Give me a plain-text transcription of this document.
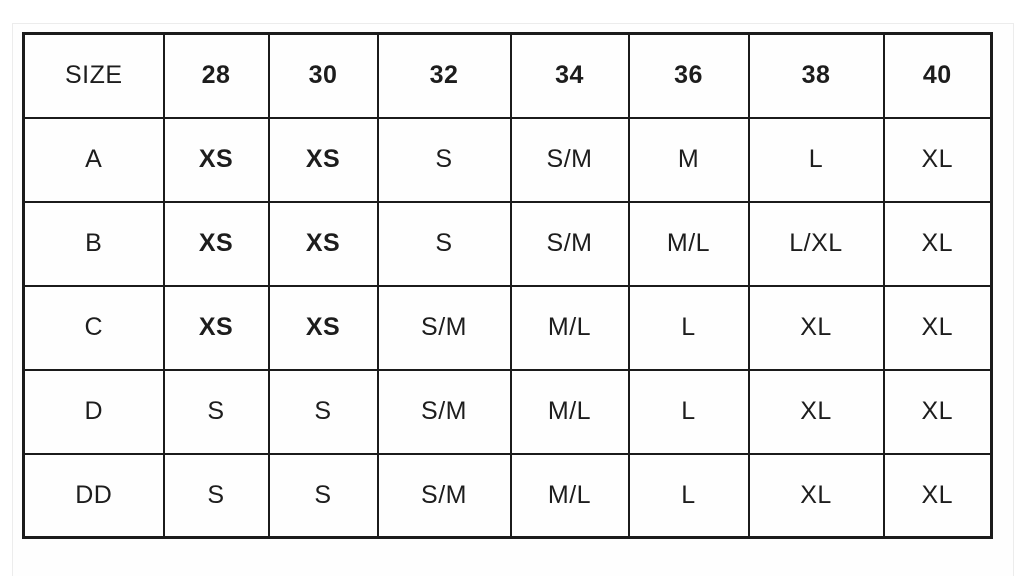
SIZE	28	30	32	34	36	38	40
A	XS	XS	S	S/M	M	L	XL
B	XS	XS	S	S/M	M/L	L/XL	XL
C	XS	XS	S/M	M/L	L	XL	XL
D	S	S	S/M	M/L	L	XL	XL
DD	S	S	S/M	M/L	L	XL	XL
